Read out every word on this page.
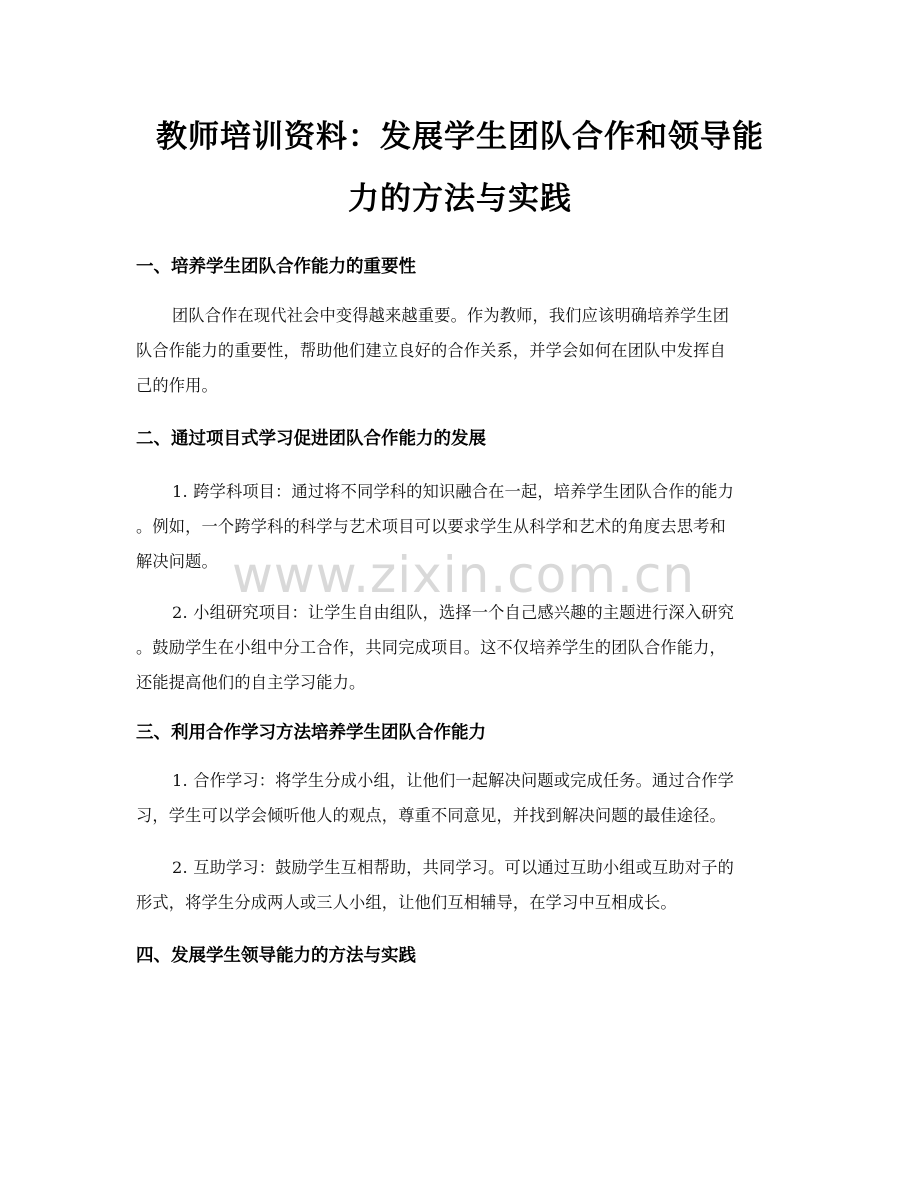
教师培训资料：发展学生团队合作和领导能
力的方法与实践
一、培养学生团队合作能力的重要性
团队合作在现代社会中变得越来越重要。作为教师，我们应该明确培养学生团
队合作能力的重要性，帮助他们建立良好的合作关系，并学会如何在团队中发挥自
己的作用。
二、通过项目式学习促进团队合作能力的发展
1. 跨学科项目：通过将不同学科的知识融合在一起，培养学生团队合作的能力
。例如，一个跨学科的科学与艺术项目可以要求学生从科学和艺术的角度去思考和
解决问题。
2. 小组研究项目：让学生自由组队，选择一个自己感兴趣的主题进行深入研究
。鼓励学生在小组中分工合作，共同完成项目。这不仅培养学生的团队合作能力，
还能提高他们的自主学习能力。
三、利用合作学习方法培养学生团队合作能力
1. 合作学习：将学生分成小组，让他们一起解决问题或完成任务。通过合作学
习，学生可以学会倾听他人的观点，尊重不同意见，并找到解决问题的最佳途径。
2. 互助学习：鼓励学生互相帮助，共同学习。可以通过互助小组或互助对子的
形式，将学生分成两人或三人小组，让他们互相辅导，在学习中互相成长。
四、发展学生领导能力的方法与实践
www.zixin.com.cn
